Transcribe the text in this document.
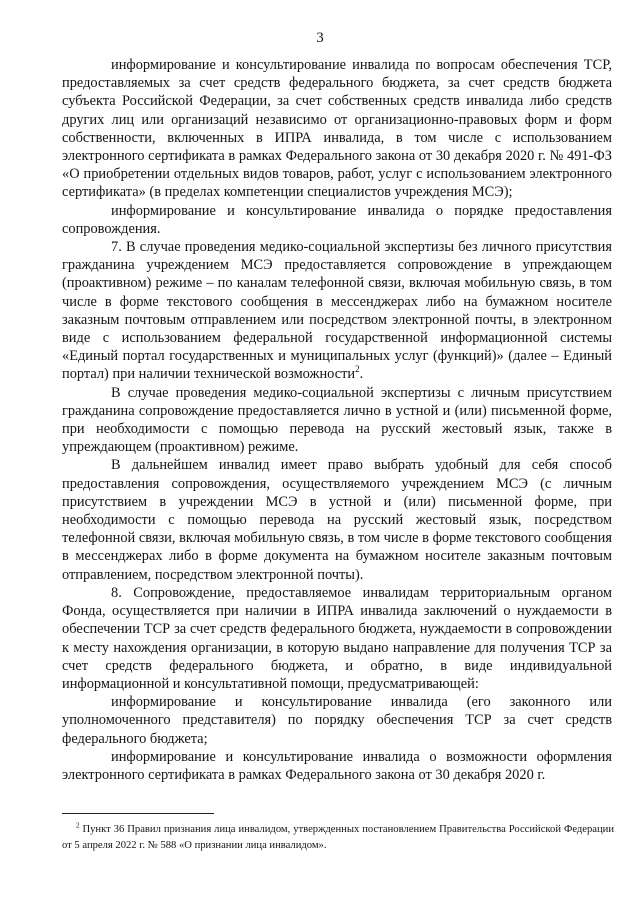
3

информирование и консультирование инвалида по вопросам обеспечения ТСР, предоставляемых за счет средств федерального бюджета, за счет средств бюджета субъекта Российской Федерации, за счет собственных средств инвалида либо средств других лиц или организаций независимо от организационно-правовых форм и форм собственности, включенных в ИПРА инвалида, в том числе с использованием электронного сертификата в рамках Федерального закона от 30 декабря 2020 г. № 491-ФЗ «О приобретении отдельных видов товаров, работ, услуг с использованием электронного сертификата» (в пределах компетенции специалистов учреждения МСЭ);

информирование и консультирование инвалида о порядке предоставления сопровождения.

7. В случае проведения медико-социальной экспертизы без личного присутствия гражданина учреждением МСЭ предоставляется сопровождение в упреждающем (проактивном) режиме – по каналам телефонной связи, включая мобильную связь, в том числе в форме текстового сообщения в мессенджерах либо на бумажном носителе заказным почтовым отправлением или посредством электронной почты, в электронном виде с использованием федеральной государственной информационной системы «Единый портал государственных и муниципальных услуг (функций)» (далее – Единый портал) при наличии технической возможности$^2$.

В случае проведения медико-социальной экспертизы с личным присутствием гражданина сопровождение предоставляется лично в устной и (или) письменной форме, при необходимости с помощью перевода на русский жестовый язык, также в упреждающем (проактивном) режиме.

В дальнейшем инвалид имеет право выбрать удобный для себя способ предоставления сопровождения, осуществляемого учреждением МСЭ (с личным присутствием в учреждении МСЭ в устной и (или) письменной форме, при необходимости с помощью перевода на русский жестовый язык, посредством телефонной связи, включая мобильную связь, в том числе в форме текстового сообщения в мессенджерах либо в форме документа на бумажном носителе заказным почтовым отправлением, посредством электронной почты).

8. Сопровождение, предоставляемое инвалидам территориальным органом Фонда, осуществляется при наличии в ИПРА инвалида заключений о нуждаемости в обеспечении ТСР за счет средств федерального бюджета, нуждаемости в сопровождении к месту нахождения организации, в которую выдано направление для получения ТСР за счет средств федерального бюджета, и обратно, в виде индивидуальной информационной и консультативной помощи, предусматривающей:

информирование и консультирование инвалида (его законного или уполномоченного представителя) по порядку обеспечения ТСР за счет средств федерального бюджета;

информирование и консультирование инвалида о возможности оформления электронного сертификата в рамках Федерального закона от 30 декабря 2020 г.

$^2$ Пункт 36 Правил признания лица инвалидом, утвержденных постановлением Правительства Российской Федерации от 5 апреля 2022 г. № 588 «О признании лица инвалидом».
